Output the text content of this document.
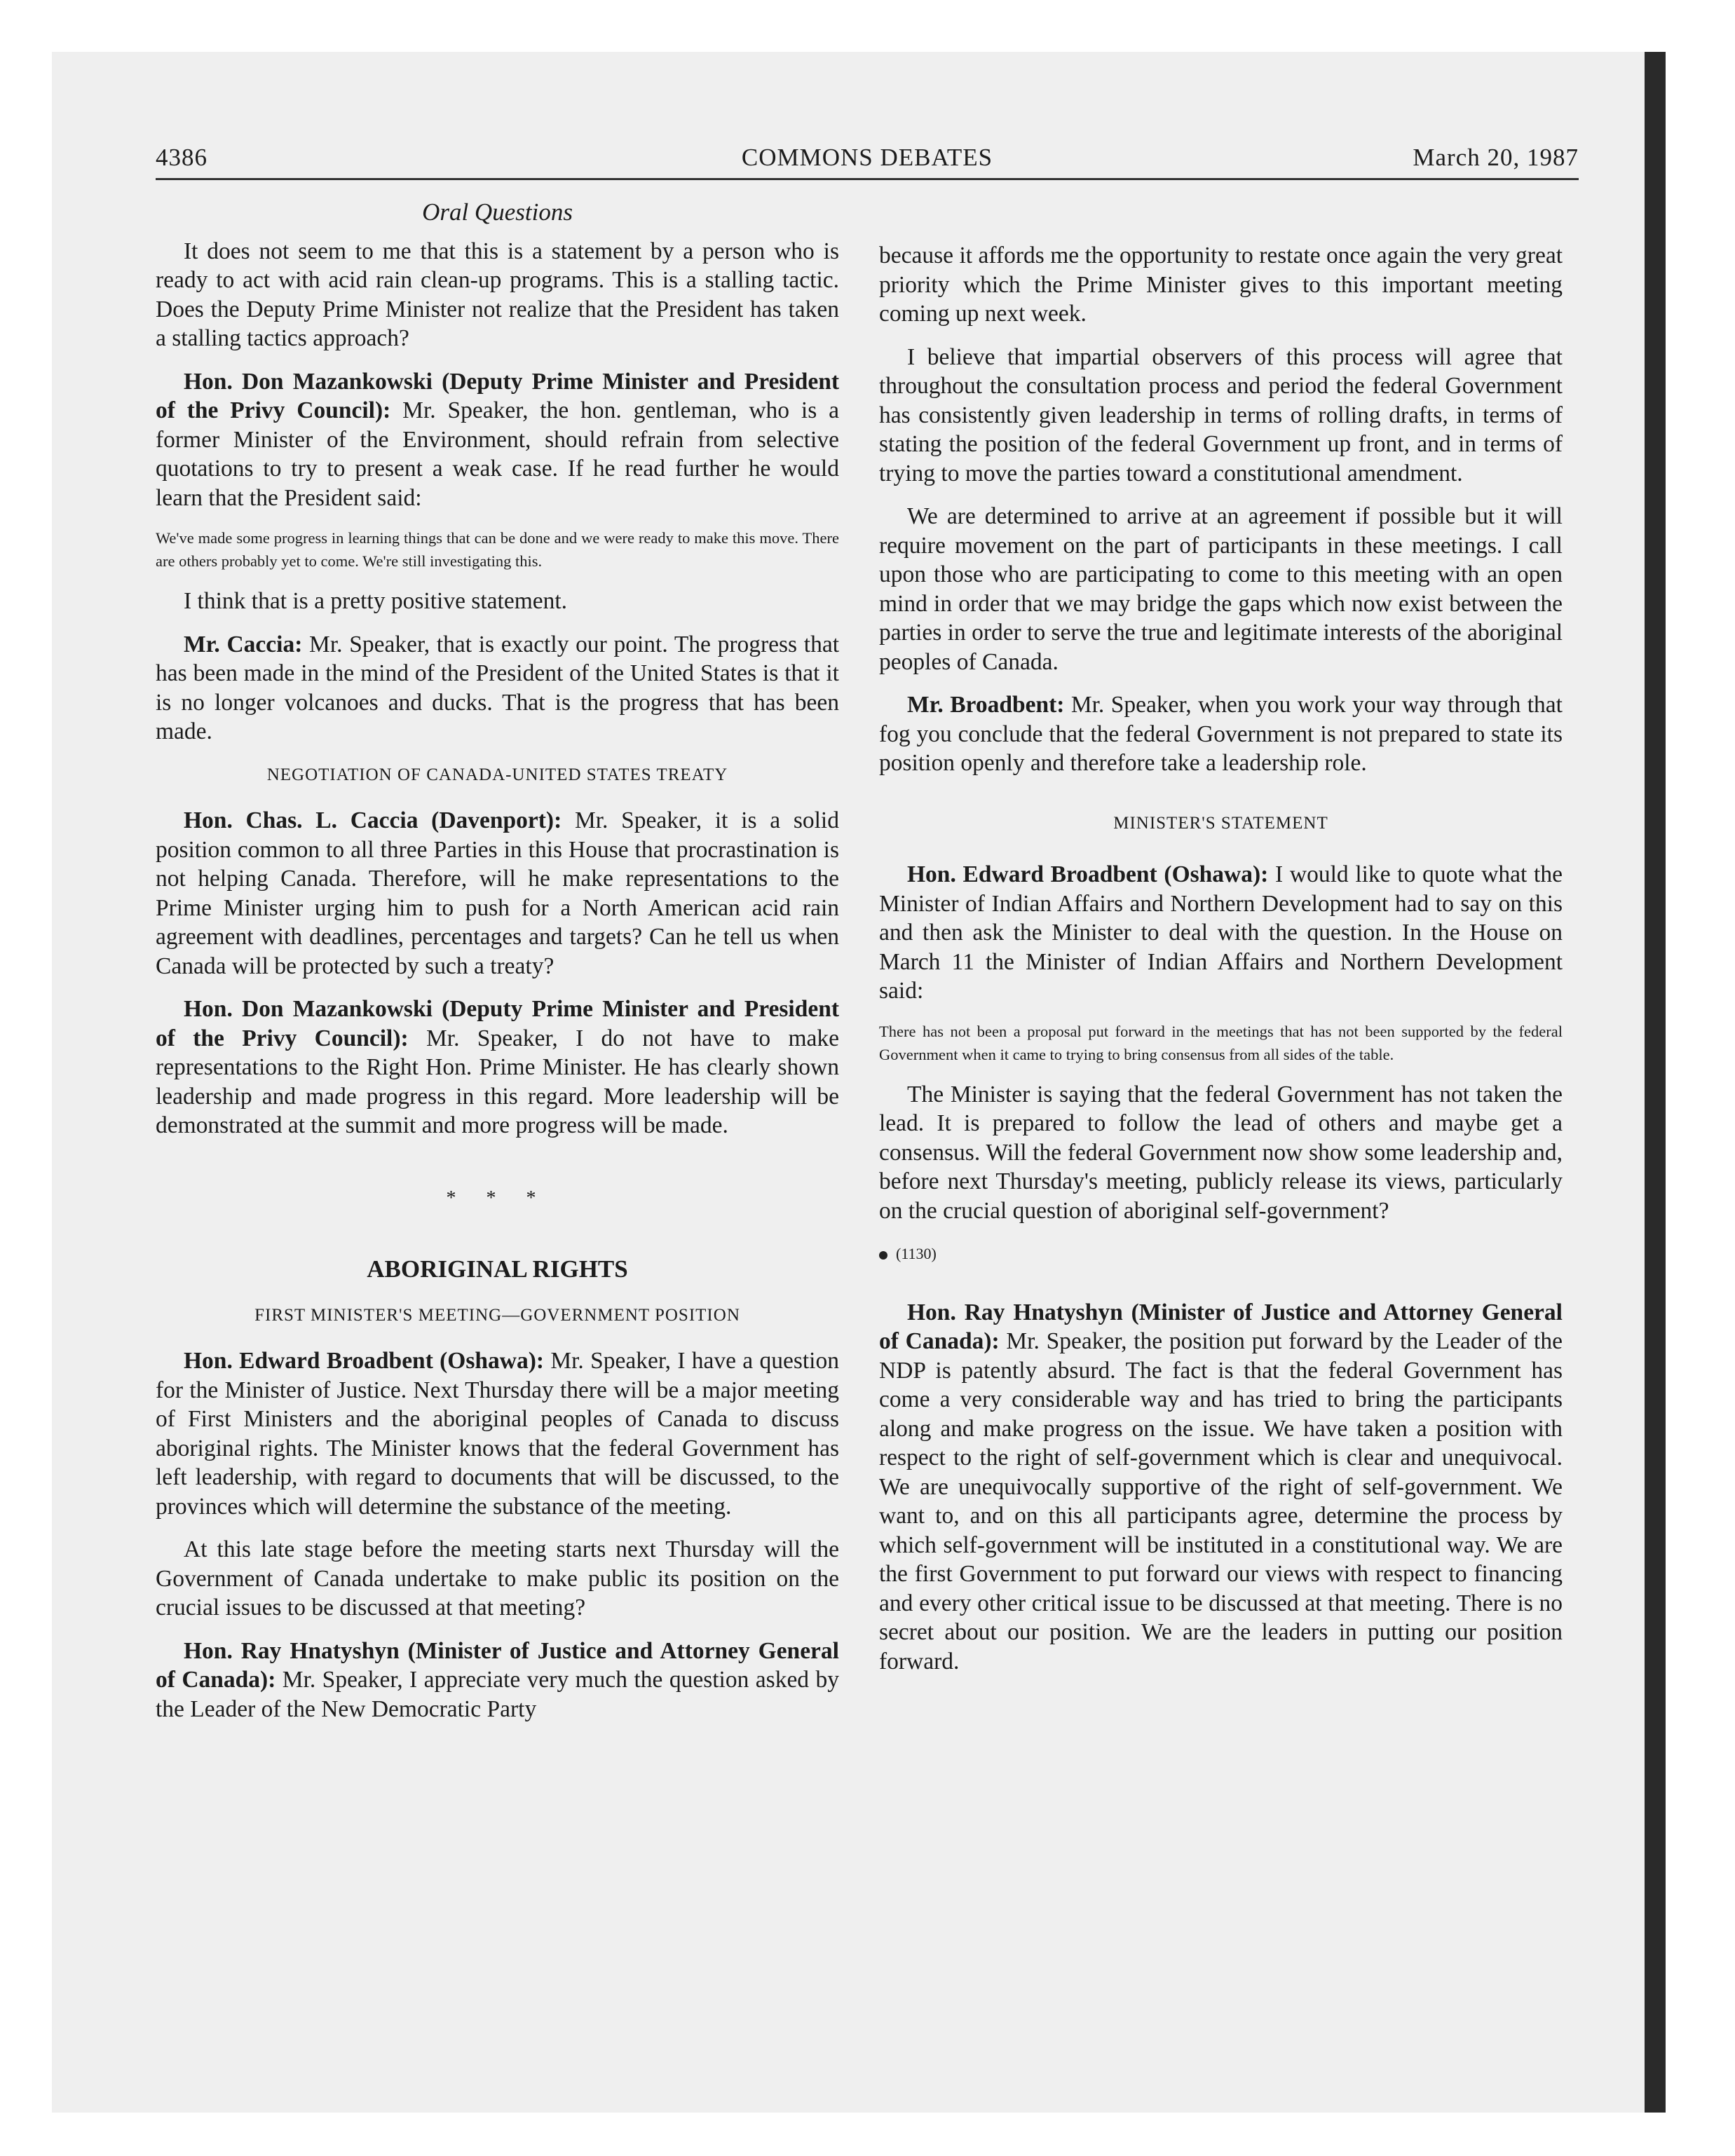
4386	COMMONS DEBATES	March 20, 1987
Oral Questions

It does not seem to me that this is a statement by a person who is ready to act with acid rain clean-up programs. This is a stalling tactic. Does the Deputy Prime Minister not realize that the President has taken a stalling tactics approach?

Hon. Don Mazankowski (Deputy Prime Minister and President of the Privy Council): Mr. Speaker, the hon. gentleman, who is a former Minister of the Environment, should refrain from selective quotations to try to present a weak case. If he read further he would learn that the President said:

We've made some progress in learning things that can be done and we were ready to make this move. There are others probably yet to come. We're still investigating this.

I think that is a pretty positive statement.

Mr. Caccia: Mr. Speaker, that is exactly our point. The progress that has been made in the mind of the President of the United States is that it is no longer volcanoes and ducks. That is the progress that has been made.

NEGOTIATION OF CANADA-UNITED STATES TREATY

Hon. Chas. L. Caccia (Davenport): Mr. Speaker, it is a solid position common to all three Parties in this House that procrastination is not helping Canada. Therefore, will he make representations to the Prime Minister urging him to push for a North American acid rain agreement with deadlines, percentages and targets? Can he tell us when Canada will be protected by such a treaty?

Hon. Don Mazankowski (Deputy Prime Minister and President of the Privy Council): Mr. Speaker, I do not have to make representations to the Right Hon. Prime Minister. He has clearly shown leadership and made progress in this regard. More leadership will be demonstrated at the summit and more progress will be made.

* * *
ABORIGINAL RIGHTS
FIRST MINISTER'S MEETING—GOVERNMENT POSITION

Hon. Edward Broadbent (Oshawa): Mr. Speaker, I have a question for the Minister of Justice. Next Thursday there will be a major meeting of First Ministers and the aboriginal peoples of Canada to discuss aboriginal rights. The Minister knows that the federal Government has left leadership, with regard to documents that will be discussed, to the provinces which will determine the substance of the meeting.

At this late stage before the meeting starts next Thursday will the Government of Canada undertake to make public its position on the crucial issues to be discussed at that meeting?

Hon. Ray Hnatyshyn (Minister of Justice and Attorney General of Canada): Mr. Speaker, I appreciate very much the question asked by the Leader of the New Democratic Party

because it affords me the opportunity to restate once again the very great priority which the Prime Minister gives to this important meeting coming up next week.

I believe that impartial observers of this process will agree that throughout the consultation process and period the federal Government has consistently given leadership in terms of rolling drafts, in terms of stating the position of the federal Government up front, and in terms of trying to move the parties toward a constitutional amendment.

We are determined to arrive at an agreement if possible but it will require movement on the part of participants in these meetings. I call upon those who are participating to come to this meeting with an open mind in order that we may bridge the gaps which now exist between the parties in order to serve the true and legitimate interests of the aboriginal peoples of Canada.

Mr. Broadbent: Mr. Speaker, when you work your way through that fog you conclude that the federal Government is not prepared to state its position openly and therefore take a leadership role.

MINISTER'S STATEMENT

Hon. Edward Broadbent (Oshawa): I would like to quote what the Minister of Indian Affairs and Northern Development had to say on this and then ask the Minister to deal with the question. In the House on March 11 the Minister of Indian Affairs and Northern Development said:

There has not been a proposal put forward in the meetings that has not been supported by the federal Government when it came to trying to bring consensus from all sides of the table.

The Minister is saying that the federal Government has not taken the lead. It is prepared to follow the lead of others and maybe get a consensus. Will the federal Government now show some leadership and, before next Thursday's meeting, publicly release its views, particularly on the crucial question of aboriginal self-government?

(1130)

Hon. Ray Hnatyshyn (Minister of Justice and Attorney General of Canada): Mr. Speaker, the position put forward by the Leader of the NDP is patently absurd. The fact is that the federal Government has come a very considerable way and has tried to bring the participants along and make progress on the issue. We have taken a position with respect to the right of self-government which is clear and unequivocal. We are unequivocally supportive of the right of self-government. We want to, and on this all participants agree, determine the process by which self-government will be instituted in a constitutional way. We are the first Government to put forward our views with respect to financing and every other critical issue to be discussed at that meeting. There is no secret about our position. We are the leaders in putting our position forward.
